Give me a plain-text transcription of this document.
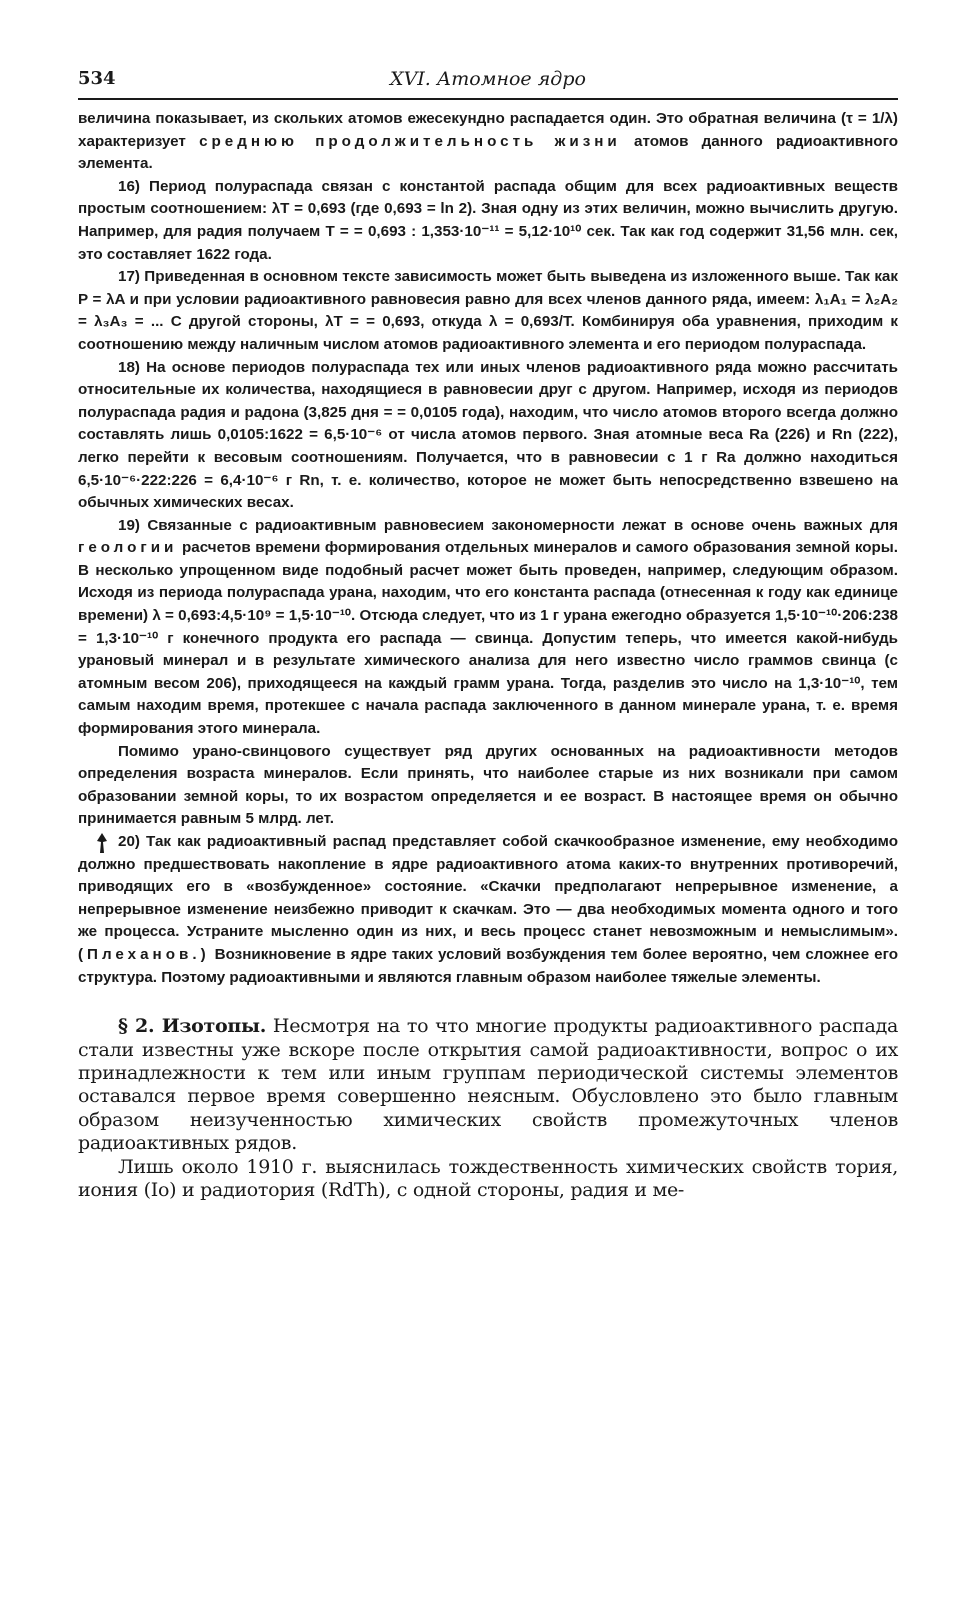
534	XVI. Атомное ядро

величина показывает, из скольких атомов ежесекундно распадается один. Это обратная величина (τ = 1/λ) характеризует среднюю продолжительность жизни атомов данного радиоактивного элемента.

16) Период полураспада связан с константой распада общим для всех радиоактивных веществ простым соотношением: λT = 0,693 (где 0,693 = ln 2). Зная одну из этих величин, можно вычислить другую. Например, для радия получаем T = = 0,693 : 1,353·10⁻¹¹ = 5,12·10¹⁰ сек. Так как год содержит 31,56 млн. сек, это составляет 1622 года.

17) Приведенная в основном тексте зависимость может быть выведена из изложенного выше. Так как P = λA и при условии радиоактивного равновесия равно для всех членов данного ряда, имеем: λ₁A₁ = λ₂A₂ = λ₃A₃ = ... С другой стороны, λT = = 0,693, откуда λ = 0,693/T. Комбинируя оба уравнения, приходим к соотношению между наличным числом атомов радиоактивного элемента и его периодом полураспада.

18) На основе периодов полураспада тех или иных членов радиоактивного ряда можно рассчитать относительные их количества, находящиеся в равновесии друг с другом. Например, исходя из периодов полураспада радия и радона (3,825 дня = = 0,0105 года), находим, что число атомов второго всегда должно составлять лишь 0,0105:1622 = 6,5·10⁻⁶ от числа атомов первого. Зная атомные веса Ra (226) и Rn (222), легко перейти к весовым соотношениям. Получается, что в равновесии с 1 г Ra должно находиться 6,5·10⁻⁶·222:226 = 6,4·10⁻⁶ г Rn, т. е. количество, которое не может быть непосредственно взвешено на обычных химических весах.

19) Связанные с радиоактивным равновесием закономерности лежат в основе очень важных для геологии расчетов времени формирования отдельных минералов и самого образования земной коры. В несколько упрощенном виде подобный расчет может быть проведен, например, следующим образом. Исходя из периода полураспада урана, находим, что его константа распада (отнесенная к году как единице времени) λ = 0,693:4,5·10⁹ = 1,5·10⁻¹⁰. Отсюда следует, что из 1 г урана ежегодно образуется 1,5·10⁻¹⁰·206:238 = 1,3·10⁻¹⁰ г конечного продукта его распада — свинца. Допустим теперь, что имеется какой-нибудь урановый минерал и в результате химического анализа для него известно число граммов свинца (с атомным весом 206), приходящееся на каждый грамм урана. Тогда, разделив это число на 1,3·10⁻¹⁰, тем самым находим время, протекшее с начала распада заключенного в данном минерале урана, т. е. время формирования этого минерала.

Помимо урано-свинцового существует ряд других основанных на радиоактивности методов определения возраста минералов. Если принять, что наиболее старые из них возникали при самом образовании земной коры, то их возрастом определяется и ее возраст. В настоящее время он обычно принимается равным 5 млрд. лет.

20) Так как радиоактивный распад представляет собой скачкообразное изменение, ему необходимо должно предшествовать накопление в ядре радиоактивного атома каких-то внутренних противоречий, приводящих его в «возбужденное» состояние. «Скачки предполагают непрерывное изменение, а непрерывное изменение неизбежно приводит к скачкам. Это — два необходимых момента одного и того же процесса. Устраните мысленно один из них, и весь процесс станет невозможным и немыслимым». (Плеханов.) Возникновение в ядре таких условий возбуждения тем более вероятно, чем сложнее его структура. Поэтому радиоактивными и являются главным образом наиболее тяжелые элементы.

§ 2. Изотопы. Несмотря на то что многие продукты радиоактивного распада стали известны уже вскоре после открытия самой радиоактивности, вопрос о их принадлежности к тем или иным группам периодической системы элементов оставался первое время совершенно неясным. Обусловлено это было главным образом неизученностью химических свойств промежуточных членов радиоактивных рядов.

Лишь около 1910 г. выяснилась тождественность химических свойств тория, иония (Io) и радиотория (RdTh), с одной стороны, радия и ме-
